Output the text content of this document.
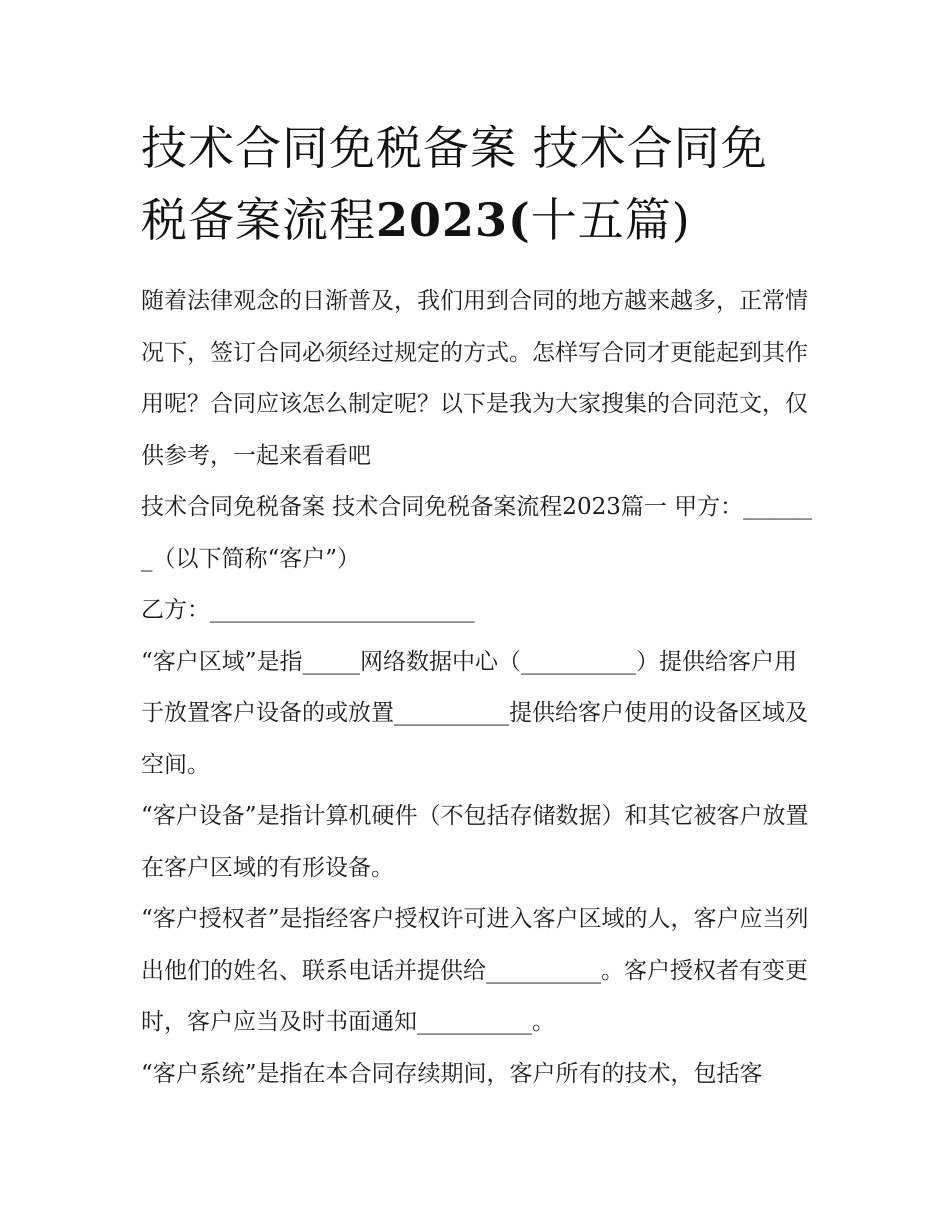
技术合同免税备案 技术合同免税备案流程2023(十五篇)

随着法律观念的日渐普及，我们用到合同的地方越来越多，正常情况下，签订合同必须经过规定的方式。怎样写合同才更能起到其作用呢？合同应该怎么制定呢？以下是我为大家搜集的合同范文，仅供参考，一起来看看吧

技术合同免税备案 技术合同免税备案流程2023篇一 甲方：_______（以下简称“客户”）

乙方：_______________________

“客户区域”是指_____网络数据中心（__________）提供给客户用于放置客户设备的或放置__________提供给客户使用的设备区域及空间。

“客户设备”是指计算机硬件（不包括存储数据）和其它被客户放置在客户区域的有形设备。

“客户授权者”是指经客户授权许可进入客户区域的人，客户应当列出他们的姓名、联系电话并提供给__________。客户授权者有变更时，客户应当及时书面通知__________。

“客户系统”是指在本合同存续期间，客户所有的技术，包括客
